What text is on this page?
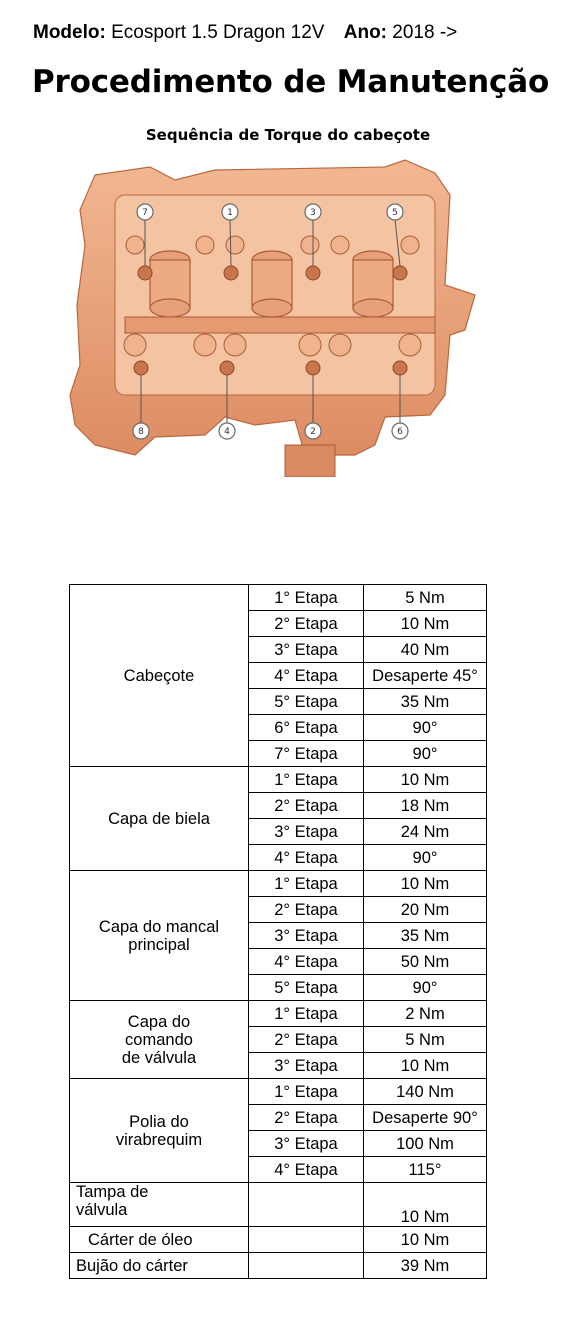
Modelo: Ecosport 1.5 Dragon 12V Ano: 2018 ->
Procedimento de Manutenção
Sequência de Torque do cabeçote
7	1	3	5
8	4	2	6
Cabeçote	1° Etapa	5 Nm
	2° Etapa	10 Nm
	3° Etapa	40 Nm
	4° Etapa	Desaperte 45°
	5° Etapa	35 Nm
	6° Etapa	90°
	7° Etapa	90°
Capa de biela	1° Etapa	10 Nm
	2° Etapa	18 Nm
	3° Etapa	24 Nm
	4° Etapa	90°
Capa do mancal
principal	1° Etapa	10 Nm
	2° Etapa	20 Nm
	3° Etapa	35 Nm
	4° Etapa	50 Nm
	5° Etapa	90°
Capa do
comando
de válvula	1° Etapa	2 Nm
	2° Etapa	5 Nm
	3° Etapa	10 Nm
Polia do
virabrequim	1° Etapa	140 Nm
	2° Etapa	Desaperte 90°
	3° Etapa	100 Nm
	4° Etapa	115°
Tampa de
válvula		10 Nm
Cárter de óleo		10 Nm
Bujão do cárter		39 Nm
